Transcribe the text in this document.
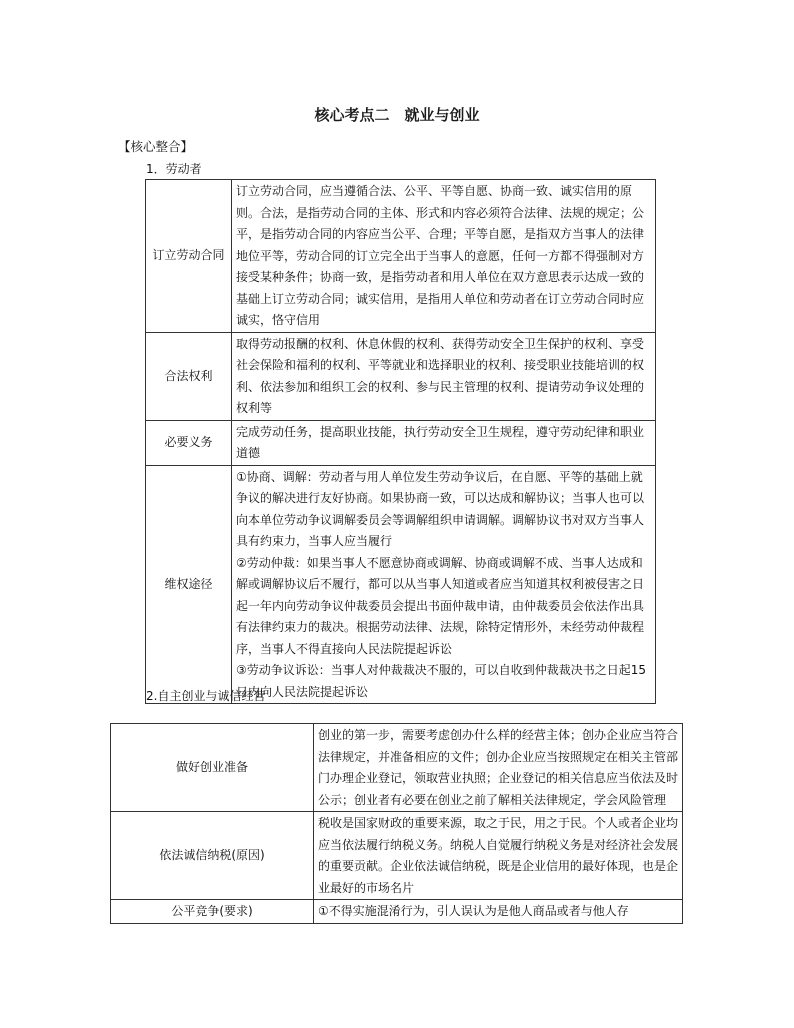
核心考点二　就业与创业

【核心整合】

1．劳动者

订立劳动合同	订立劳动合同，应当遵循合法、公平、平等自愿、协商一致、诚实信用的原则。合法，是指劳动合同的主体、形式和内容必须符合法律、法规的规定；公平，是指劳动合同的内容应当公平、合理；平等自愿，是指双方当事人的法律地位平等，劳动合同的订立完全出于当事人的意愿，任何一方都不得强制对方接受某种条件；协商一致，是指劳动者和用人单位在双方意思表示达成一致的基础上订立劳动合同；诚实信用，是指用人单位和劳动者在订立劳动合同时应诚实，恪守信用
合法权利	取得劳动报酬的权利、休息休假的权利、获得劳动安全卫生保护的权利、享受社会保险和福利的权利、平等就业和选择职业的权利、接受职业技能培训的权利、依法参加和组织工会的权利、参与民主管理的权利、提请劳动争议处理的权利等
必要义务	完成劳动任务，提高职业技能，执行劳动安全卫生规程，遵守劳动纪律和职业道德
维权途径	①协商、调解：劳动者与用人单位发生劳动争议后，在自愿、平等的基础上就争议的解决进行友好协商。如果协商一致，可以达成和解协议；当事人也可以向本单位劳动争议调解委员会等调解组织申请调解。调解协议书对双方当事人具有约束力，当事人应当履行

②劳动仲裁：如果当事人不愿意协商或调解、协商或调解不成、当事人达成和解或调解协议后不履行，都可以从当事人知道或者应当知道其权利被侵害之日起一年内向劳动争议仲裁委员会提出书面仲裁申请，由仲裁委员会依法作出具有法律约束力的裁决。根据劳动法律、法规，除特定情形外，未经劳动仲裁程序，当事人不得直接向人民法院提起诉讼

③劳动争议诉讼：当事人对仲裁裁决不服的，可以自收到仲裁裁决书之日起15日内向人民法院提起诉讼

2.自主创业与诚信经营

做好创业准备	创业的第一步，需要考虑创办什么样的经营主体；创办企业应当符合法律规定，并准备相应的文件；创办企业应当按照规定在相关主管部门办理企业登记，领取营业执照；企业登记的相关信息应当依法及时公示；创业者有必要在创业之前了解相关法律规定，学会风险管理
依法诚信纳税(原因)	税收是国家财政的重要来源，取之于民，用之于民。个人或者企业均应当依法履行纳税义务。纳税人自觉履行纳税义务是对经济社会发展的重要贡献。企业依法诚信纳税，既是企业信用的最好体现，也是企业最好的市场名片
公平竞争(要求)	①不得实施混淆行为，引人误认为是他人商品或者与他人存
